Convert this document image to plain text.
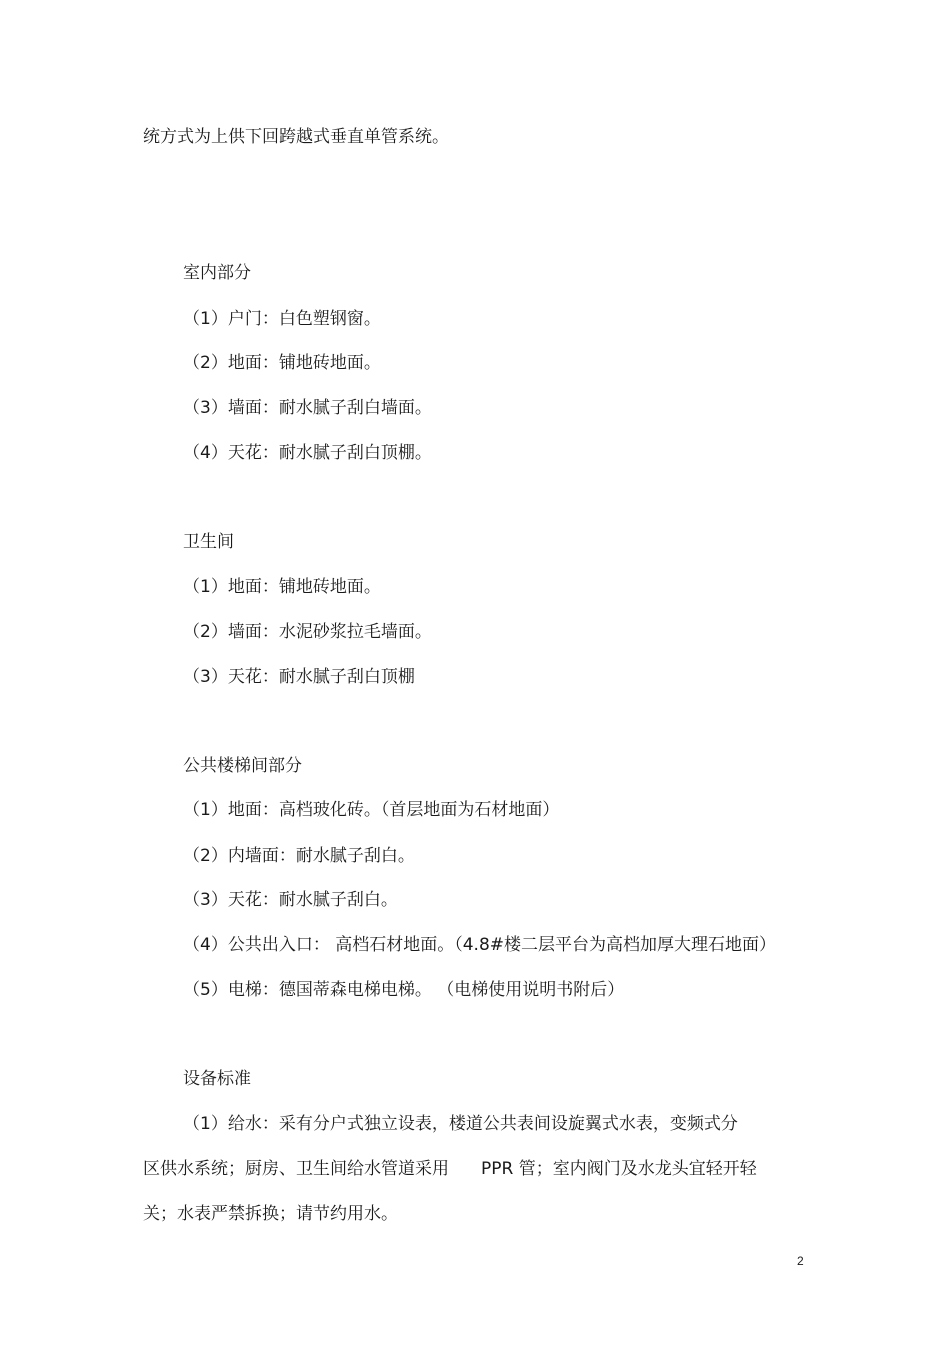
统方式为上供下回跨越式垂直单管系统。
室内部分
（1）户门：白色塑钢窗。
（2）地面：铺地砖地面。
（3）墙面：耐水腻子刮白墙面。
（4）天花：耐水腻子刮白顶棚。
卫生间
（1）地面：铺地砖地面。
（2）墙面：水泥砂浆拉毛墙面。
（3）天花：耐水腻子刮白顶棚
公共楼梯间部分
（1）地面：高档玻化砖。（首层地面为石材地面）
（2）内墙面：耐水腻子刮白。
（3）天花：耐水腻子刮白。
（4）公共出入口： 高档石材地面。（4.8#楼二层平台为高档加厚大理石地面）
（5）电梯：德国蒂森电梯电梯。 （电梯使用说明书附后）
设备标准
（1）给水：采有分户式独立设表，楼道公共表间设旋翼式水表，变频式分
区供水系统；厨房、卫生间给水管道采用 PPR 管；室内阀门及水龙头宜轻开轻
关；水表严禁拆换；请节约用水。
2
